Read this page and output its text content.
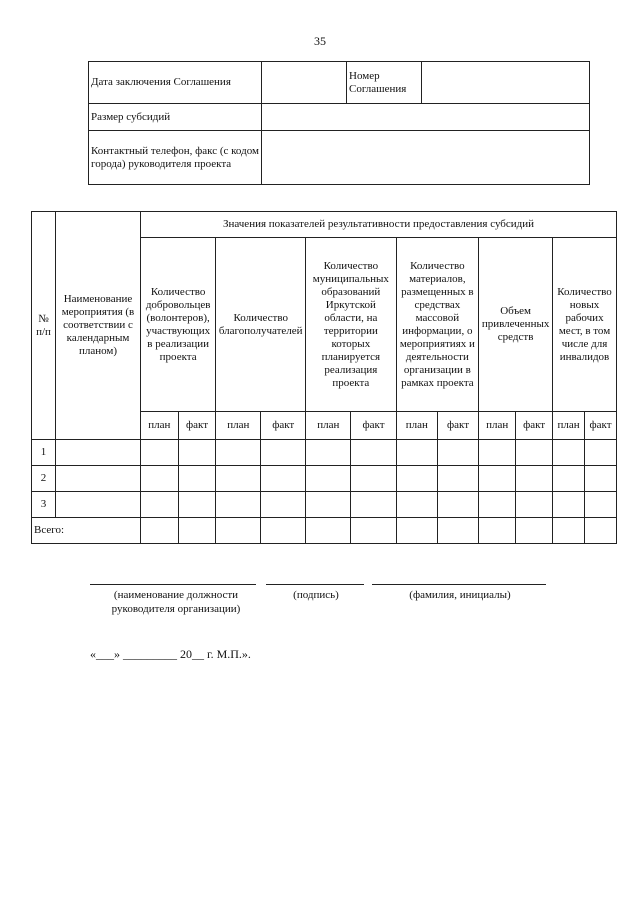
35
Дата заключения Соглашения		Номер Соглашения	
Размер субсидий			
Контактный телефон, факс (с кодом города) руководителя проекта			
№ п/п	Наименование мероприятия (в соответствии с календарным планом)	Значения показателей результативности предоставления субсидий											
		Количество добровольцев (волонтеров), участвующих в реализации проекта		Количество благополучателей		Количество муниципальных образований Иркутской области, на территории которых планируется реализация проекта		Количество материалов, размещенных в средствах массовой информации, о мероприятиях и деятельности организации в рамках проекта		Объем привлеченных средств		Количество новых рабочих мест, в том числе для инвалидов	
		план	факт	план	факт	план	факт	план	факт	план	факт	план	факт
1													
2													
3													
Всего:													
(наименование должности руководителя организации)
(подпись)	(фамилия, инициалы)
«___» _________ 20__ г. М.П.».
